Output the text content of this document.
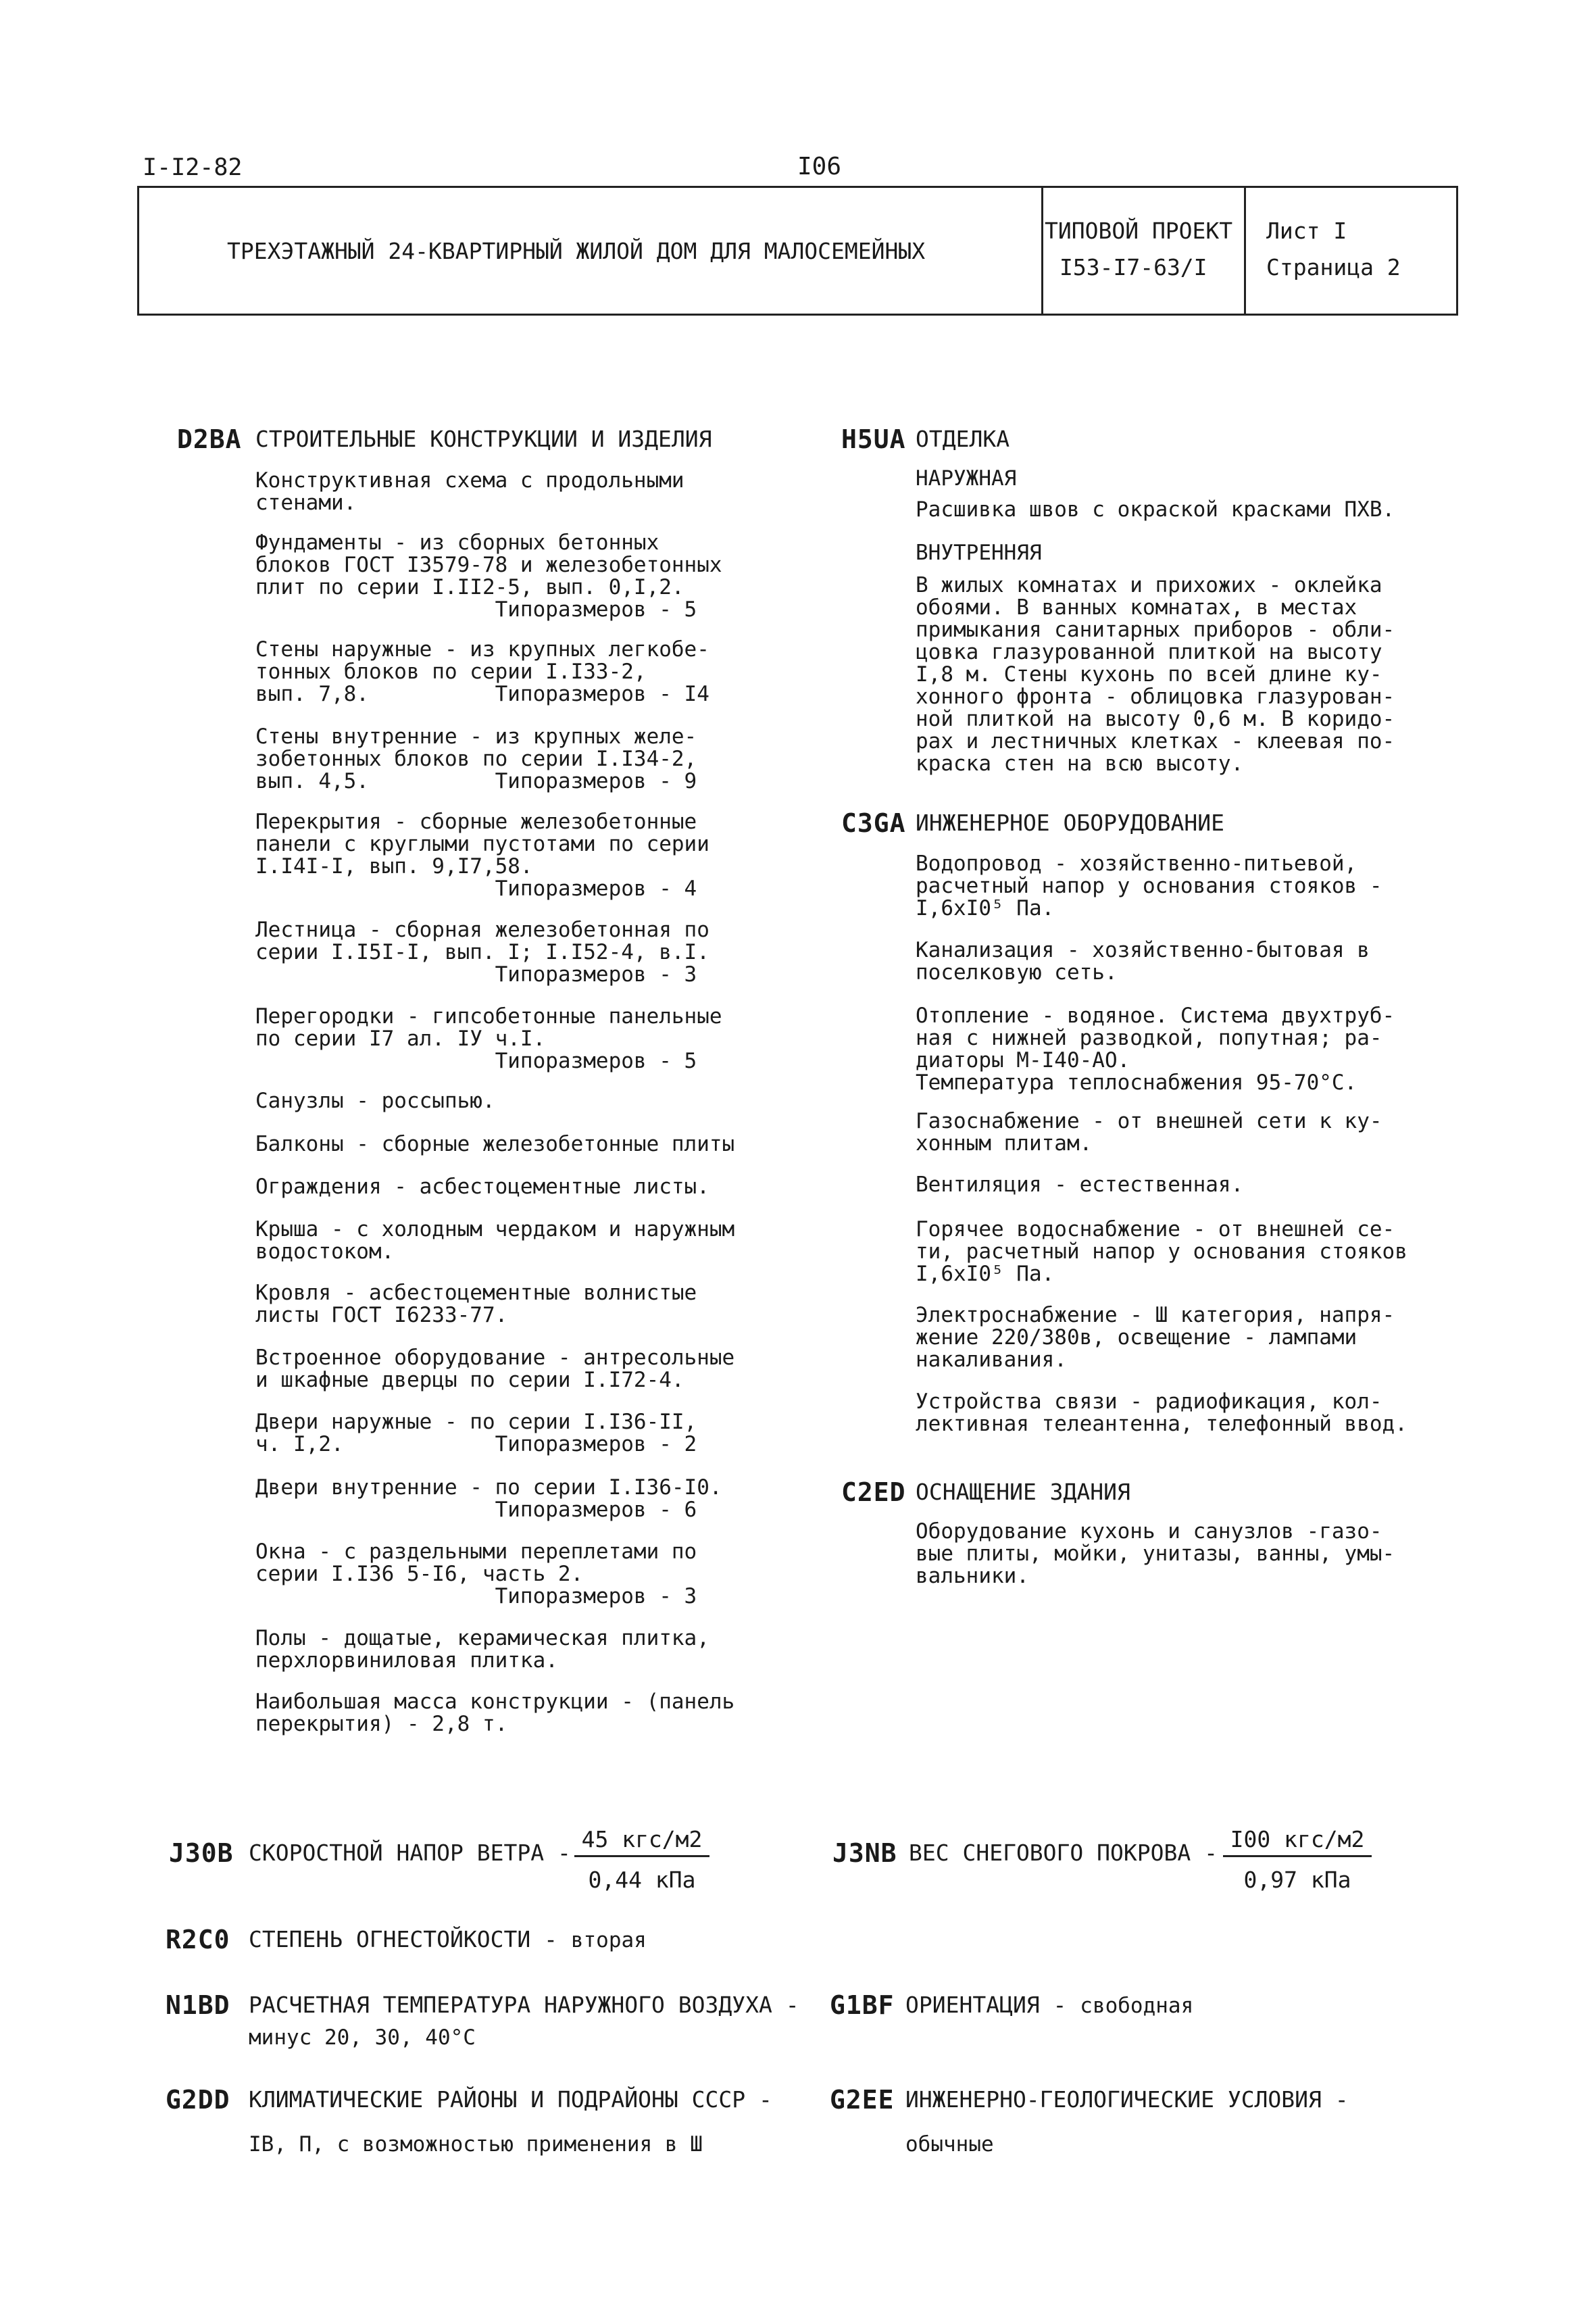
I-I2-82	I06
ТРЕХЭТАЖНЫЙ 24-КВАРТИРНЫЙ ЖИЛОЙ ДОМ ДЛЯ МАЛОСЕМЕЙНЫХ
ТИПОВОЙ ПРОЕКТ
I53-I7-63/I
Лист I
Страница 2
D2BA СТРОИТЕЛЬНЫЕ КОНСТРУКЦИИ И ИЗДЕЛИЯ
Конструктивная схема с продольными
стенами.
Фундаменты - из сборных бетонных
блоков ГОСТ I3579-78 и железобетонных
плит по серии I.II2-5, вып. 0,I,2.
Типоразмеров - 5
Стены наружные - из крупных легкобе-
тонных блоков по серии I.I33-2,
вып. 7,8.          Типоразмеров - I4
Стены внутренние - из крупных желе-
зобетонных блоков по серии I.I34-2,
вып. 4,5.          Типоразмеров - 9
Перекрытия - сборные железобетонные
панели с круглыми пустотами по серии
I.I4I-I, вып. 9,I7,58.
Типоразмеров - 4
Лестница - сборная железобетонная по
серии I.I5I-I, вып. I; I.I52-4, в.I.
Типоразмеров - 3
Перегородки - гипсобетонные панельные
по серии I7 ал. IУ ч.I.
Типоразмеров - 5
Санузлы - россыпью.
Балконы - сборные железобетонные плиты
Ограждения - асбестоцементные листы.
Крыша - с холодным чердаком и наружным
водостоком.
Кровля - асбестоцементные волнистые
листы ГОСТ I6233-77.
Встроенное оборудование - антресольные
и шкафные дверцы по серии I.I72-4.
Двери наружные - по серии I.I36-II,
ч. I,2.            Типоразмеров - 2
Двери внутренние - по серии I.I36-I0.
Типоразмеров - 6
Окна - с раздельными переплетами по
серии I.I36 5-I6, часть 2.
Типоразмеров - 3
Полы - дощатые, керамическая плитка,
перхлорвиниловая плитка.
Наибольшая масса конструкции - (панель
перекрытия) - 2,8 т.
H5UA ОТДЕЛКА
НАРУЖНАЯ
Расшивка швов с окраской красками ПХВ.
ВНУТРЕННЯЯ
В жилых комнатах и прихожих - оклейка
обоями. В ванных комнатах, в местах
примыкания санитарных приборов - обли-
цовка глазурованной плиткой на высоту
I,8 м. Стены кухонь по всей длине ку-
хонного фронта - облицовка глазурован-
ной плиткой на высоту 0,6 м. В коридо-
рах и лестничных клетках - клеевая по-
краска стен на всю высоту.
C3GA ИНЖЕНЕРНОЕ ОБОРУДОВАНИЕ
Водопровод - хозяйственно-питьевой,
расчетный напор у основания стояков -
I,6xI0⁵ Па.
Канализация - хозяйственно-бытовая в
поселковую сеть.
Отопление - водяное. Система двухтруб-
ная с нижней разводкой, попутная; ра-
диаторы М-I40-АО.
Температура теплоснабжения 95-70°С.
Газоснабжение - от внешней сети к ку-
хонным плитам.
Вентиляция - естественная.
Горячее водоснабжение - от внешней се-
ти, расчетный напор у основания стояков
I,6xI0⁵ Па.
Электроснабжение - Ш категория, напря-
жение 220/380в, освещение - лампами
накаливания.
Устройства связи - радиофикация, кол-
лективная телеантенна, телефонный ввод.
C2ED ОСНАЩЕНИЕ ЗДАНИЯ
Оборудование кухонь и санузлов -газо-
вые плиты, мойки, унитазы, ванны, умы-
вальники.
J30B СКОРОСТНОЙ НАПОР ВЕТРА -
45 кгс/м2
0,44 кПа
J3NB ВЕС СНЕГОВОГО ПОКРОВА -
I00 кгс/м2
0,97 кПа
R2C0 СТЕПЕНЬ ОГНЕСТОЙКОСТИ - вторая
N1BD РАСЧЕТНАЯ ТЕМПЕРАТУРА НАРУЖНОГО ВОЗДУХА -
минус 20, 30, 40°С
G1BF ОРИЕНТАЦИЯ - свободная
G2DD КЛИМАТИЧЕСКИЕ РАЙОНЫ И ПОДРАЙОНЫ СССР -
IВ, П, с возможностью применения в Ш
G2EE ИНЖЕНЕРНО-ГЕОЛОГИЧЕСКИЕ УСЛОВИЯ -
обычные
